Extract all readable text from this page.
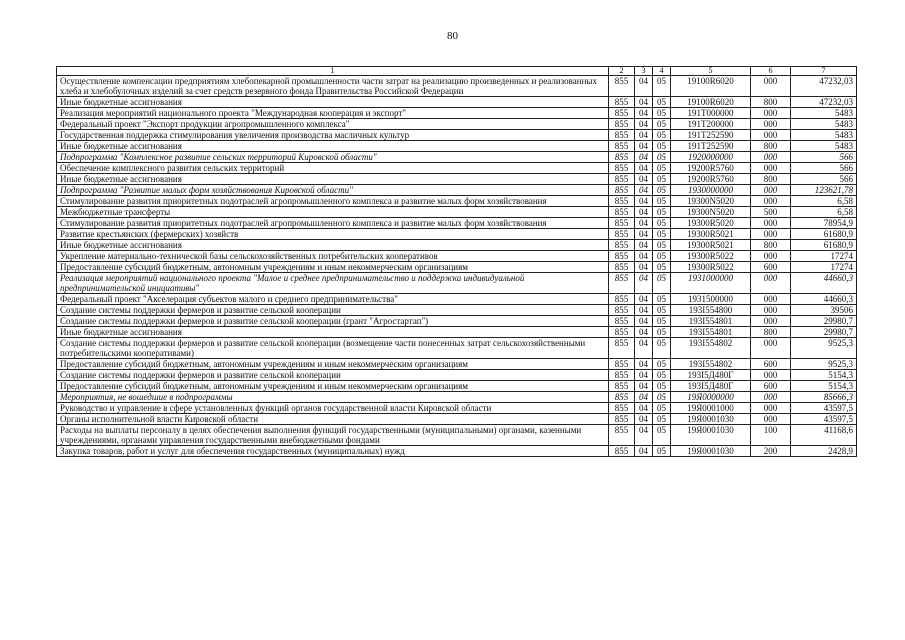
80
1	2	3	4	5	6	7
Осуществление компенсации предприятиям хлебопекарной промышленности части затрат на реализацию произведенных и реализованных хлеба и хлебобулочных изделий за счет средств резервного фонда Правительства Российской Федерации	855	04	05	19100R6020	000	47232,03
Иные бюджетные ассигнования	855	04	05	19100R6020	800	47232,03
Реализация мероприятий национального проекта "Международная кооперация и экспорт"	855	04	05	191T000000	000	5483
Федеральный проект "Экспорт продукции агропромышленного комплекса"	855	04	05	191T200000	000	5483
Государственная поддержка стимулирования увеличения производства масличных культур	855	04	05	191T252590	000	5483
Иные бюджетные ассигнования	855	04	05	191T252590	800	5483
Подпрограмма "Комплексное развитие сельских территорий Кировской области"	855	04	05	1920000000	000	566
Обеспечение комплексного развития сельских территорий	855	04	05	19200R5760	000	566
Иные бюджетные ассигнования	855	04	05	19200R5760	800	566
Подпрограмма "Развитие малых форм хозяйствования Кировской области"	855	04	05	1930000000	000	123621,78
Стимулирование развития приоритетных подотраслей агропромышленного комплекса и развитие малых форм хозяйствования	855	04	05	19300N5020	000	6,58
Межбюджетные трансферты	855	04	05	19300N5020	500	6,58
Стимулирование развития приоритетных подотраслей агропромышленного комплекса и развитие малых форм хозяйствования	855	04	05	19300R5020	000	78954,9
Развитие крестьянских (фермерских) хозяйств	855	04	05	19300R5021	000	61680,9
Иные бюджетные ассигнования	855	04	05	19300R5021	800	61680,9
Укрепление материально-технической базы сельскохозяйственных потребительских кооперативов	855	04	05	19300R5022	000	17274
Предоставление субсидий бюджетным, автономным учреждениям и иным некоммерческим организациям	855	04	05	19300R5022	600	17274
Реализация мероприятий национального проекта "Малое и среднее предпринимательство и поддержка индивидуальной предпринимательской инициативы"	855	04	05	1931000000	000	44660,3
Федеральный проект "Акселерация субъектов малого и среднего предпринимательства"	855	04	05	1931500000	000	44660,3
Создание системы поддержки фермеров и развитие сельской кооперации	855	04	05	193I554800	000	39506
Создание системы поддержки фермеров и развитие сельской кооперации (грант "Агростартап")	855	04	05	193I554801	000	29980,7
Иные бюджетные ассигнования	855	04	05	193I554801	800	29980,7
Создание системы поддержки фермеров и развитие сельской кооперации (возмещение части понесенных затрат сельскохозяйственными потребительскими кооперативами)	855	04	05	193I554802	000	9525,3
Предоставление субсидий бюджетным, автономным учреждениям и иным некоммерческим организациям	855	04	05	193I554802	600	9525,3
Создание системы поддержки фермеров и развитие сельской кооперации	855	04	05	193I5Д480Г	000	5154,3
Предоставление субсидий бюджетным, автономным учреждениям и иным некоммерческим организациям	855	04	05	193I5Д480Г	600	5154,3
Мероприятия, не вошедшие в подпрограммы	855	04	05	19Я0000000	000	85666,3
Руководство и управление в сфере установленных функций органов государственной власти Кировской области	855	04	05	19Я0001000	000	43597,5
Органы исполнительной власти Кировской области	855	04	05	19Я0001030	000	43597,5
Расходы на выплаты персоналу в целях обеспечения выполнения функций государственными (муниципальными) органами, казенными учреждениями, органами управления государственными внебюджетными фондами	855	04	05	19Я0001030	100	41168,6
Закупка товаров, работ и услуг для обеспечения государственных (муниципальных) нужд	855	04	05	19Я0001030	200	2428,9
